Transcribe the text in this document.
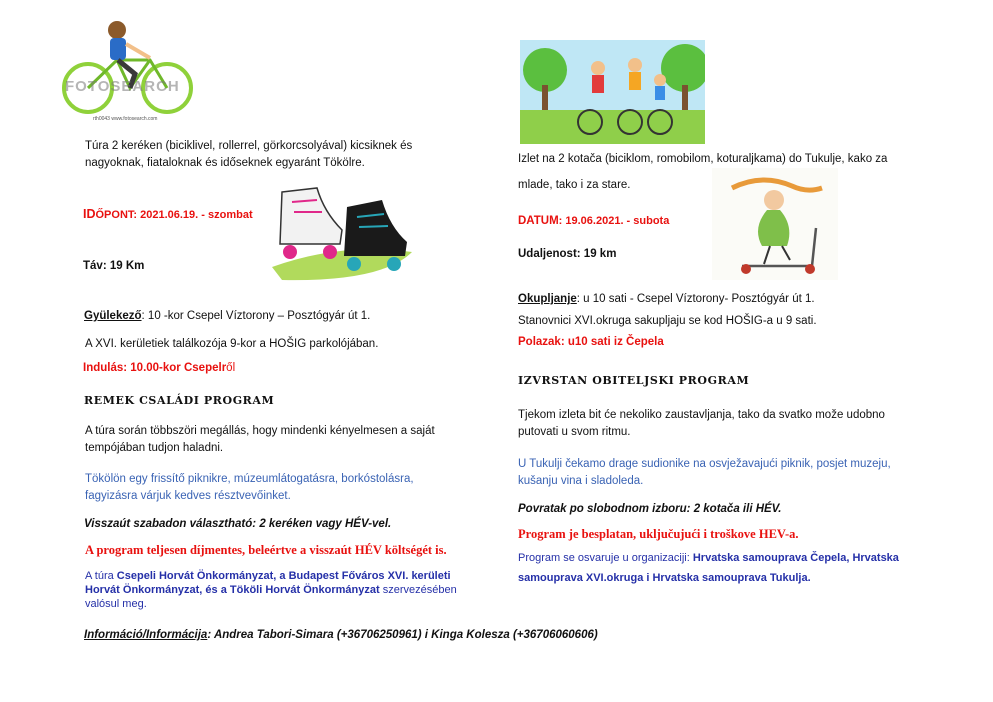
FOTOSEARCH
rth0043 www.fotosearch.com
Túra 2 keréken (biciklivel, rollerrel, görkorcsolyával) kicsiknek és nagyoknak, fiataloknak és időseknek egyaránt Tökölre.
IDŐPONT: 2021.06.19. - szombat
Táv: 19 Km
Gyülekező: 10 -kor Csepel Víztorony – Posztógyár út 1.
A XVI. kerületiek találkozója 9-kor a HOŠIG parkolójában.
Indulás: 10.00-kor Csepelről
REMEK CSALÁDI PROGRAM
A túra során többszöri megállás, hogy mindenki kényelmesen a saját tempójában tudjon haladni.
Tökölön egy frissítő piknikre, múzeumlátogatásra, borkóstolásra, fagyizásra várjuk kedves résztvevőinket.
Visszaút szabadon választható: 2 keréken vagy HÉV-vel.
A program teljesen díjmentes, beleértve a visszaút HÉV költségét is.
A túra Csepeli Horvát Önkormányzat, a Budapest Főváros XVI. kerületi Horvát Önkormányzat, és a Tököli Horvát Önkormányzat szervezésében valósul meg.
Izlet na 2 kotača (biciklom, romobilom, koturaljkama) do Tukulje, kako za mlade, tako i za stare.
DATUM: 19.06.2021. - subota
Udaljenost: 19 km
Okupljanje: u 10 sati - Csepel Víztorony- Posztógyár út 1.
Stanovnici XVI.okruga sakupljaju se kod HOŠIG-a u 9 sati.
Polazak: u10 sati iz Čepela
IZVRSTAN OBITELJSKI PROGRAM
Tjekom izleta bit će nekoliko zaustavljanja, tako da svatko može udobno putovati u svom ritmu.
U Tukulji čekamo drage sudionike na osvježavajući piknik, posjet muzeju, kušanju vina i sladoleda.
Povratak po slobodnom izboru: 2 kotača ili HÉV.
Program je besplatan, uključujući i troškove HEV-a.
Program se osvaruje u organizaciji: Hrvatska samouprava Čepela, Hrvatska samouprava XVI.okruga i Hrvatska samouprava Tukulja.
Információ/Informácija: Andrea Tabori-Simara (+36706250961) i Kinga Kolesza (+36706060606)
